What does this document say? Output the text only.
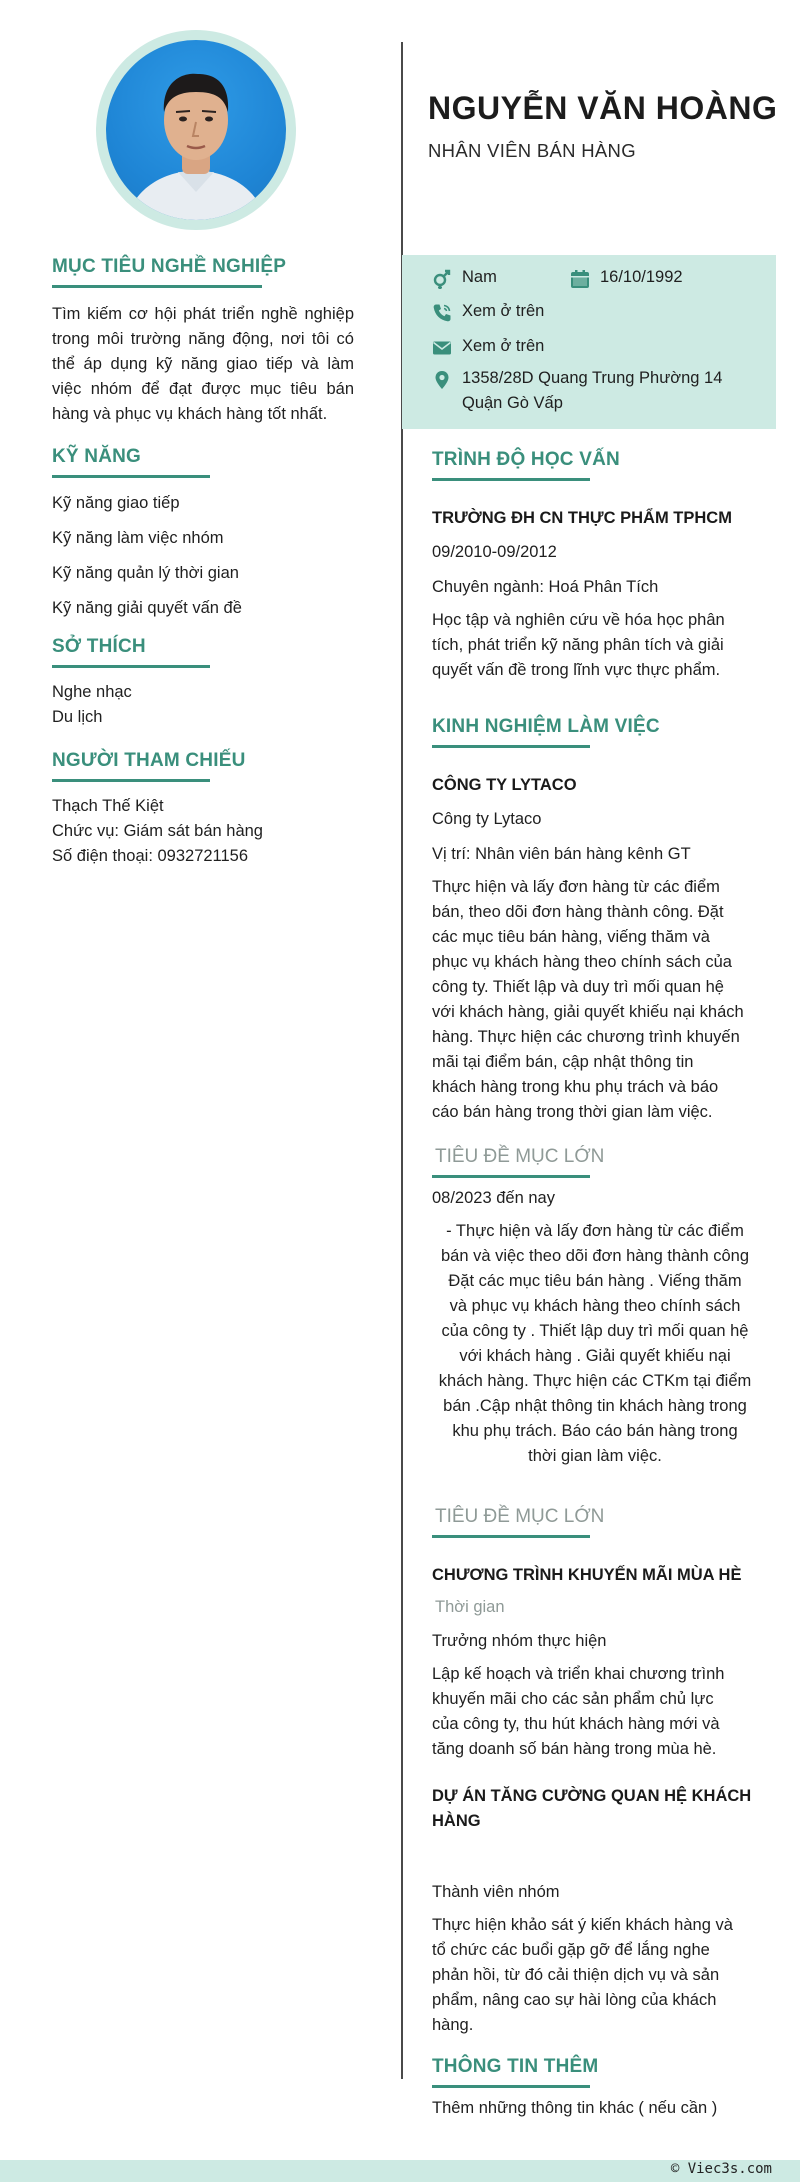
MỤC TIÊU NGHỀ NGHIỆP
Tìm kiếm cơ hội phát triển nghề nghiệp
trong môi trường năng động, nơi tôi có
thể áp dụng kỹ năng giao tiếp và làm
việc nhóm để đạt được mục tiêu bán
hàng và phục vụ khách hàng tốt nhất.
KỸ NĂNG
Kỹ năng giao tiếp
Kỹ năng làm việc nhóm
Kỹ năng quản lý thời gian
Kỹ năng giải quyết vấn đề
SỞ THÍCH
Nghe nhạc
Du lịch
NGƯỜI THAM CHIẾU
Thạch Thế Kiệt
Chức vụ: Giám sát bán hàng
Số điện thoại: 0932721156
NGUYỄN VĂN HOÀNG
NHÂN VIÊN BÁN HÀNG
Nam	16/10/1992
Xem ở trên
Xem ở trên
1358/28D Quang Trung Phường 14
Quận Gò Vấp
TRÌNH ĐỘ HỌC VẤN
TRƯỜNG ĐH CN THỰC PHẨM TPHCM
09/2010-09/2012
Chuyên ngành: Hoá Phân Tích
Học tập và nghiên cứu về hóa học phân
tích, phát triển kỹ năng phân tích và giải
quyết vấn đề trong lĩnh vực thực phẩm.
KINH NGHIỆM LÀM VIỆC
CÔNG TY LYTACO
Công ty Lytaco
Vị trí: Nhân viên bán hàng kênh GT
Thực hiện và lấy đơn hàng từ các điểm
bán, theo dõi đơn hàng thành công. Đặt
các mục tiêu bán hàng, viếng thăm và
phục vụ khách hàng theo chính sách của
công ty. Thiết lập và duy trì mối quan hệ
với khách hàng, giải quyết khiếu nại khách
hàng. Thực hiện các chương trình khuyến
mãi tại điểm bán, cập nhật thông tin
khách hàng trong khu phụ trách và báo
cáo bán hàng trong thời gian làm việc.
TIÊU ĐỀ MỤC LỚN
08/2023 đến nay
- Thực hiện và lấy đơn hàng từ các điểm
bán và việc theo dõi đơn hàng thành công
Đặt các mục tiêu bán hàng . Viếng thăm
và phục vụ khách hàng theo chính sách
của công ty . Thiết lập duy trì mối quan hệ
với khách hàng . Giải quyết khiếu nại
khách hàng. Thực hiện các CTKm tại điểm
bán .Cập nhật thông tin khách hàng trong
khu phụ trách. Báo cáo bán hàng trong
thời gian làm việc.
TIÊU ĐỀ MỤC LỚN
CHƯƠNG TRÌNH KHUYẾN MÃI MÙA HÈ
Thời gian
Trưởng nhóm thực hiện
Lập kế hoạch và triển khai chương trình
khuyến mãi cho các sản phẩm chủ lực
của công ty, thu hút khách hàng mới và
tăng doanh số bán hàng trong mùa hè.
DỰ ÁN TĂNG CƯỜNG QUAN HỆ KHÁCH
HÀNG
Thành viên nhóm
Thực hiện khảo sát ý kiến khách hàng và
tổ chức các buổi gặp gỡ để lắng nghe
phản hồi, từ đó cải thiện dịch vụ và sản
phẩm, nâng cao sự hài lòng của khách
hàng.
THÔNG TIN THÊM
Thêm những thông tin khác ( nếu cần )
© Viec3s.com
